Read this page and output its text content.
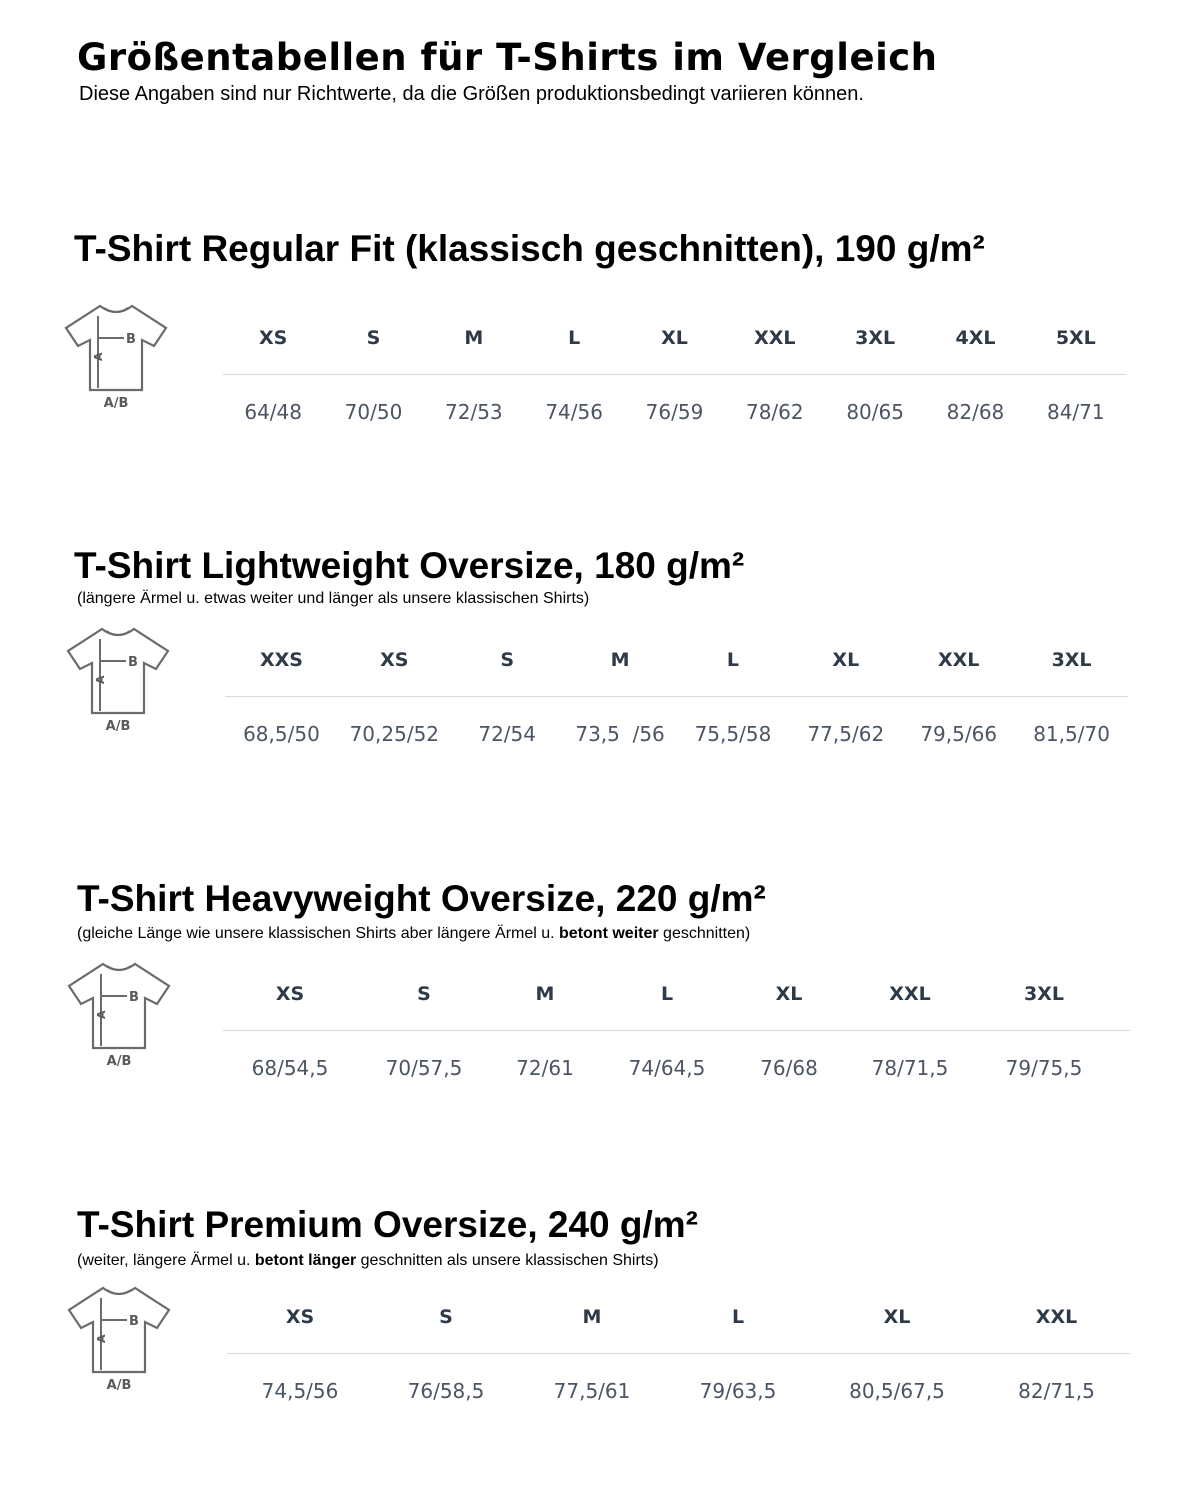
Größentabellen für T-Shirts im Vergleich

Diese Angaben sind nur Richtwerte, da die Größen produktionsbedingt variieren können.

T-Shirt Regular Fit (klassisch geschnitten), 190 g/m²
B
A
A/B
XS	S	M	L	XL	XXL	3XL	4XL	5XL
64/48	70/50	72/53	74/56	76/59	78/62	80/65	82/68	84/71
T-Shirt Lightweight Oversize, 180 g/m²

(längere Ärmel u. etwas weiter und länger als unsere klassischen Shirts)

B
A
A/B
XXS	XS	S	M	L	XL	XXL	3XL
68,5/50	70,25/52	72/54	73,5  /56	75,5/58	77,5/62	79,5/66	81,5/70
T-Shirt Heavyweight Oversize, 220 g/m²

(gleiche Länge wie unsere klassischen Shirts aber längere Ärmel u. betont weiter geschnitten)

B
A
A/B
XS	S	M	L	XL	XXL	3XL	
68/54,5	70/57,5	72/61	74/64,5	76/68	78/71,5	79/75,5	
T-Shirt Premium Oversize, 240 g/m²

(weiter, längere Ärmel u. betont länger geschnitten als unsere klassischen Shirts)

B
A
A/B
XS	S	M	L	XL	XXL
74,5/56	76/58,5	77,5/61	79/63,5	80,5/67,5	82/71,5
